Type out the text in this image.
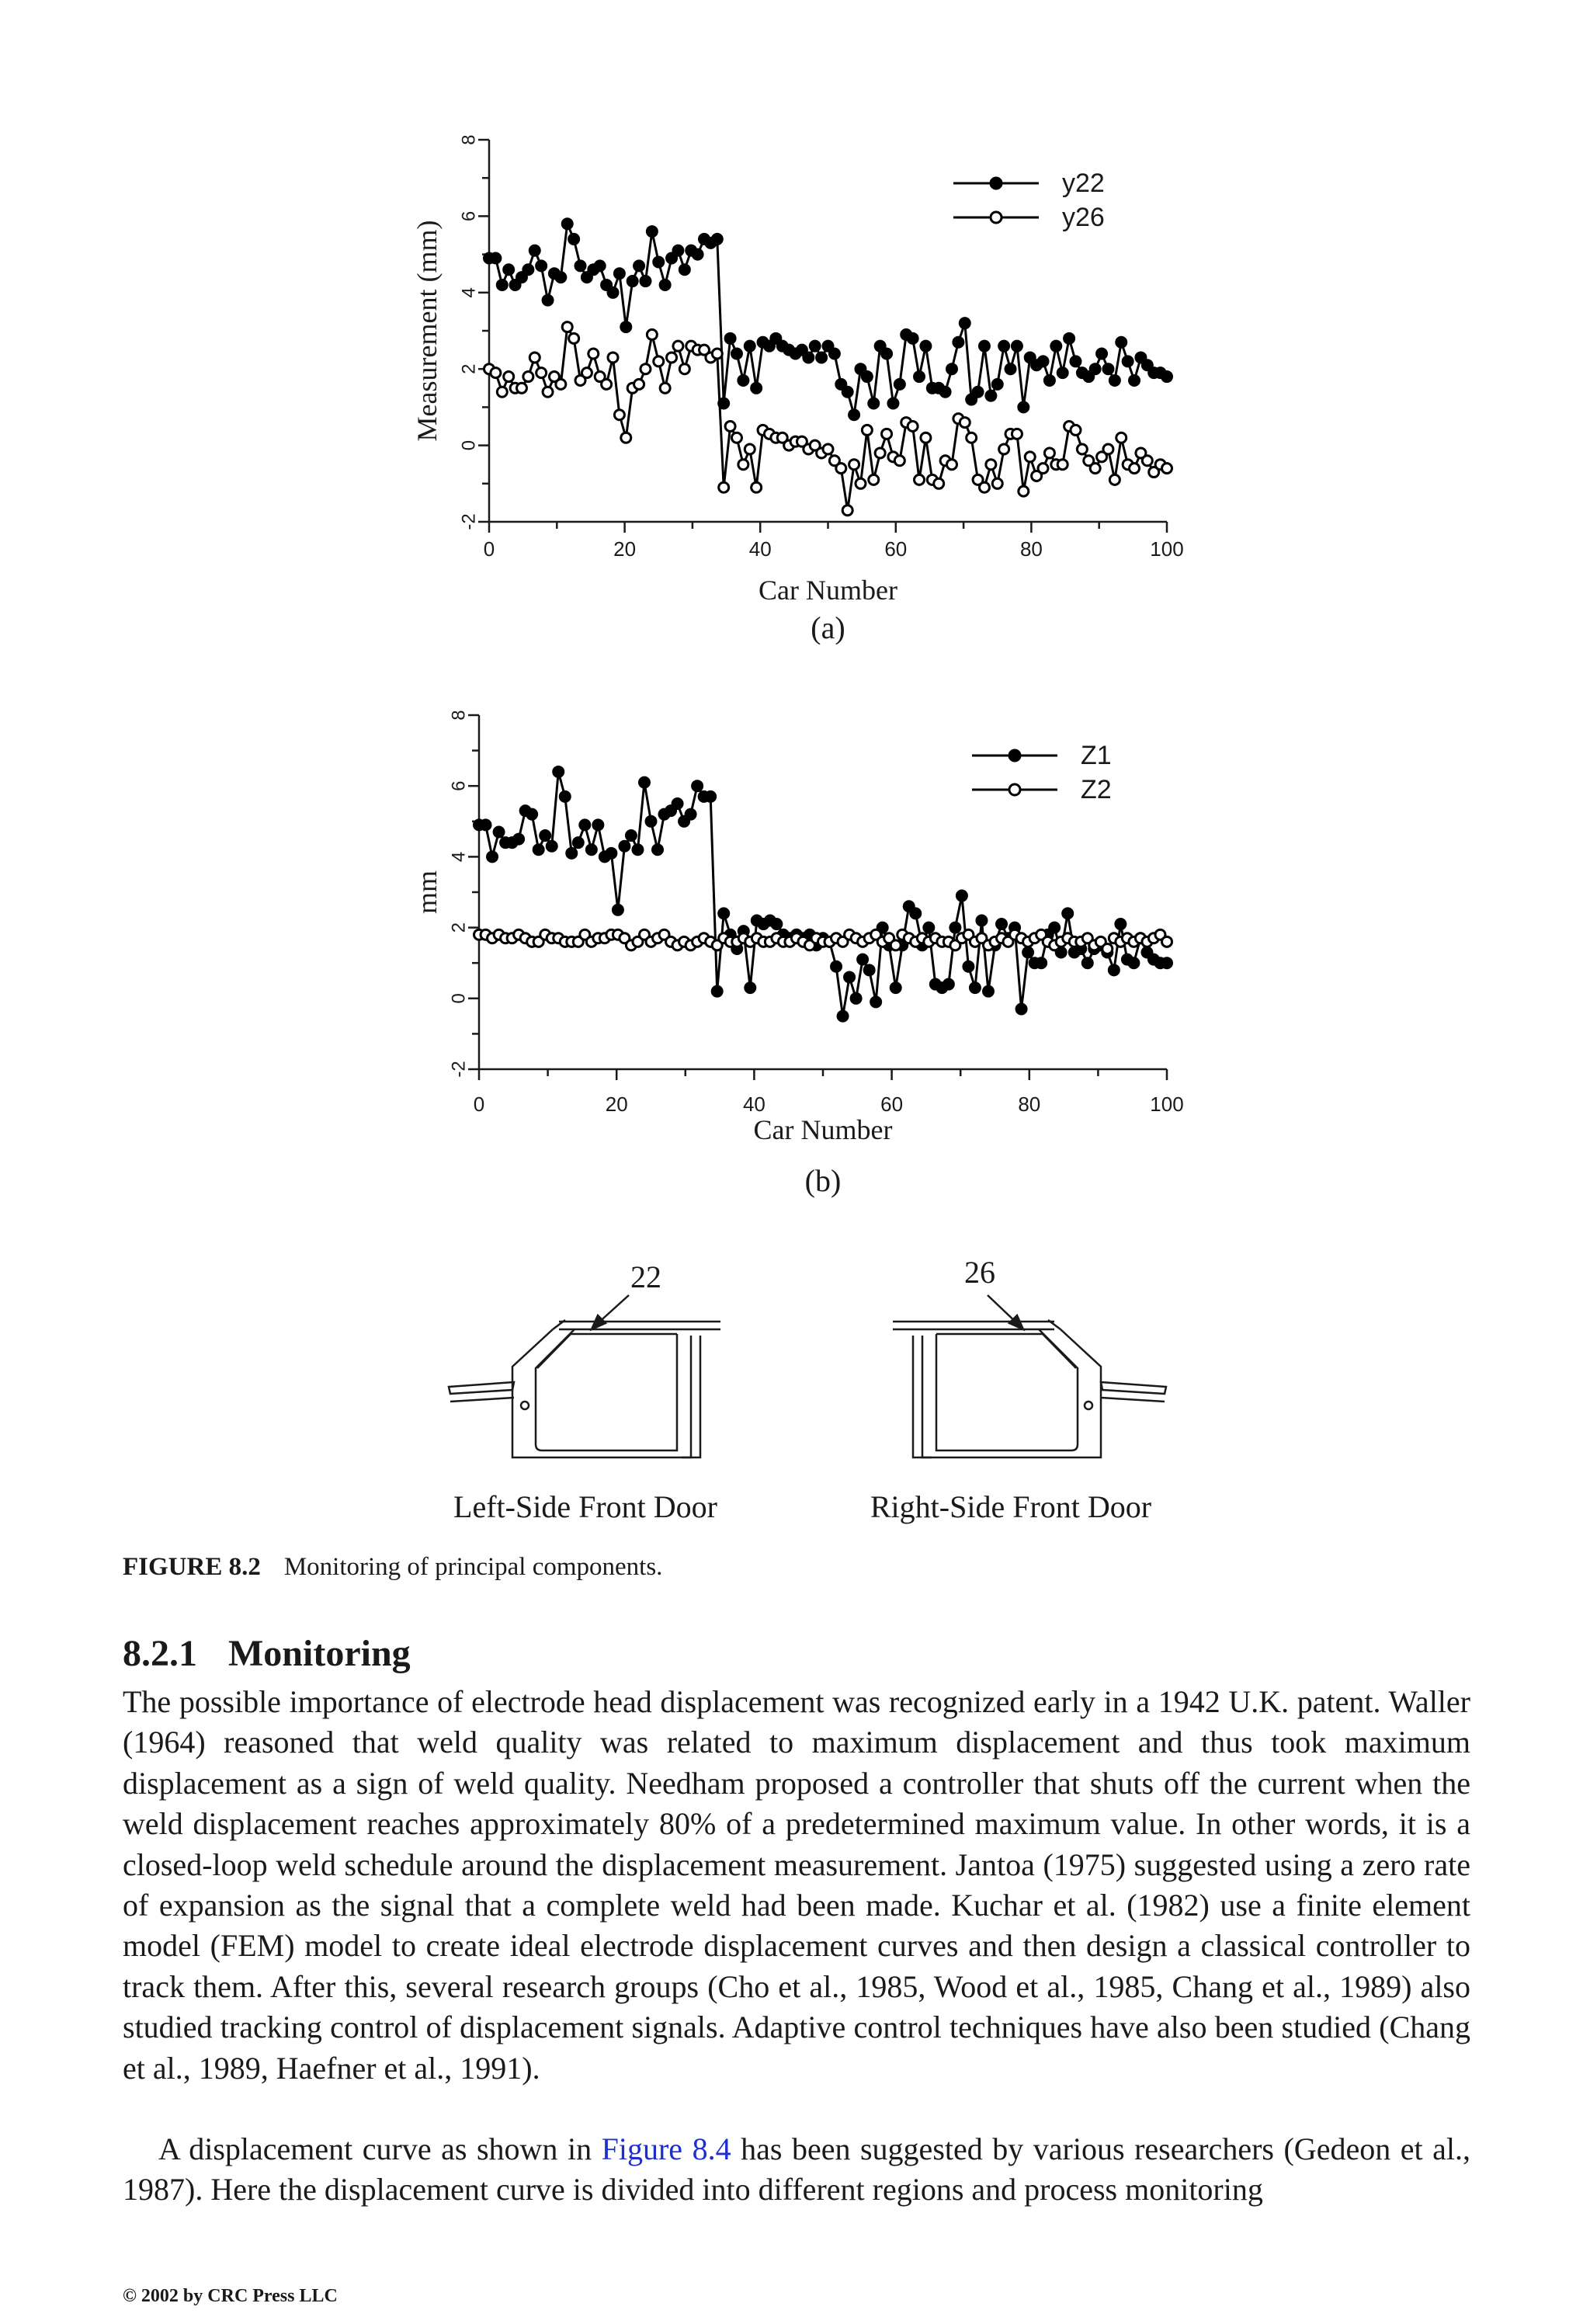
0	20	40	60	80	100
-2
0
2
4
6
8
Car Number
Measurement (mm)
(a)
y22
y26
0	20	40	60	80	100
-2
0
2
4
6
8
Car Number
mm
(b)
Z1
Z2
22	26
Left-Side Front Door	Right-Side Front Door
FIGURE 8.2 Monitoring of principal components.
8.2.1 Monitoring
The possible importance of electrode head displacement was recognized early in a 1942 U.K. patent. Waller (1964) reasoned that weld quality was related to maximum displacement and thus took maximum displacement as a sign of weld quality. Needham proposed a controller that shuts off the current when the weld displacement reaches approximately 80% of a predetermined maximum value. In other words, it is a closed-loop weld schedule around the displacement measurement. Jantoa (1975) suggested using a zero rate of expansion as the signal that a complete weld had been made. Kuchar et al. (1982) use a finite element model (FEM) model to create ideal electrode displacement curves and then design a classical controller to track them. After this, several research groups (Cho et al., 1985, Wood et al., 1985, Chang et al., 1989) also studied tracking control of displacement signals. Adaptive control techniques have also been studied (Chang et al., 1989, Haefner et al., 1991).
A displacement curve as shown in Figure 8.4 has been suggested by various researchers (Gedeon et al., 1987). Here the displacement curve is divided into different regions and process monitoring
© 2002 by CRC Press LLC
